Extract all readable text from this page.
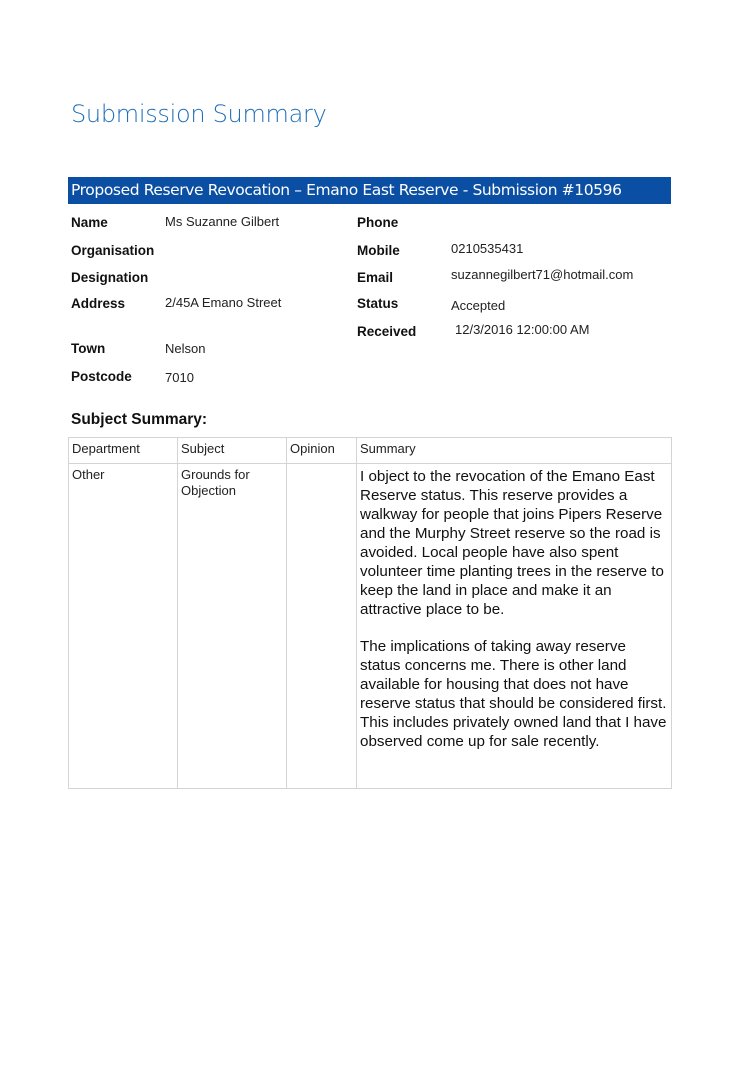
Submission Summary
Proposed Reserve Revocation – Emano East Reserve - Submission #10596
Name	Ms Suzanne Gilbert
Organisation
Designation
Address	2/45A Emano Street
Town	Nelson
Postcode	7010
Phone
Mobile	0210535431
Email	suzannegilbert71@hotmail.com
Status	Accepted
Received	12/3/2016 12:00:00 AM
Subject Summary:
Department	Subject	Opinion	Summary
Other	Grounds for Objection		I object to the revocation of the Emano East Reserve status. This reserve provides a walkway for people that joins Pipers Reserve and the Murphy Street reserve so the road is avoided. Local people have also spent volunteer time planting trees in the reserve to keep the land in place and make it an attractive place to be.

The implications of taking away reserve status concerns me. There is other land available for housing that does not have reserve status that should be considered first. This includes privately owned land that I have observed come up for sale recently.
